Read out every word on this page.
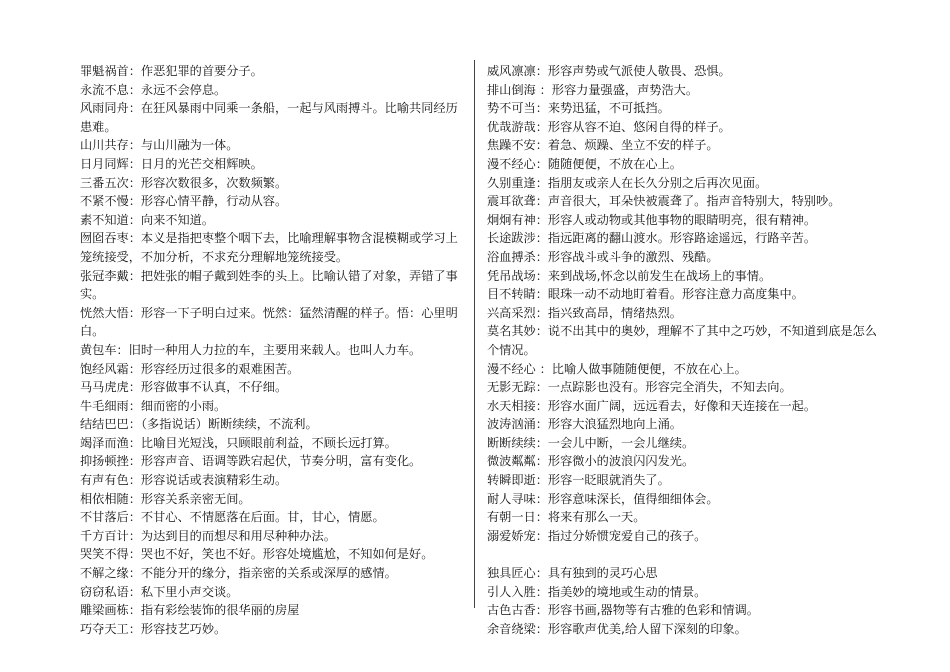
罪魁祸首：作恶犯罪的首要分子。

永流不息：永远不会停息。

风雨同舟：在狂风暴雨中同乘一条船，一起与风雨搏斗。比喻共同经历患难。

山川共存：与山川融为一体。

日月同辉：日月的光芒交相辉映。

三番五次：形容次数很多，次数频繁。

不紧不慢：形容心情平静，行动从容。

素不知道：向来不知道。

囫囵吞枣：本义是指把枣整个咽下去，比喻理解事物含混模糊或学习上笼统接受，不加分析，不求充分理解地笼统接受。

张冠李戴：把姓张的帽子戴到姓李的头上。比喻认错了对象，弄错了事实。

恍然大悟：形容一下子明白过来。恍然：猛然清醒的样子。悟：心里明白。

黄包车：旧时一种用人力拉的车，主要用来载人。也叫人力车。

饱经风霜：形容经历过很多的艰难困苦。

马马虎虎：形容做事不认真，不仔细。

牛毛细雨：细而密的小雨。

结结巴巴：（多指说话）断断续续，不流利。

竭泽而渔：比喻目光短浅，只顾眼前利益，不顾长远打算。

抑扬顿挫：形容声音、语调等跌宕起伏，节奏分明，富有变化。

有声有色：形容说话或表演精彩生动。

相依相随：形容关系亲密无间。

不甘落后：不甘心、不情愿落在后面。甘，甘心，情愿。

千方百计：为达到目的而想尽和用尽种种办法。

哭笑不得：哭也不好，笑也不好。形容处境尴尬，不知如何是好。

不解之缘：不能分开的缘分，指亲密的关系或深厚的感情。

窃窃私语：私下里小声交谈。

雕梁画栋：指有彩绘装饰的很华丽的房屋

巧夺天工：形容技艺巧妙。

威风凛凛：形容声势或气派使人敬畏、恐惧。

排山倒海 ：形容力量强盛，声势浩大。

势不可当：来势迅猛，不可抵挡。

优哉游哉：形容从容不迫、悠闲自得的样子。

焦躁不安：着急、烦躁、坐立不安的样子。

漫不经心：随随便便，不放在心上。

久别重逢：指朋友或亲人在长久分别之后再次见面。

震耳欲聋：声音很大，耳朵快被震聋了。指声音特别大，特别吵。

炯炯有神：形容人或动物或其他事物的眼睛明亮，很有精神。

长途跋涉：指远距离的翻山渡水。形容路途遥远，行路辛苦。

浴血搏杀：形容战斗或斗争的激烈、残酷。

凭吊战场：来到战场,怀念以前发生在战场上的事情。

目不转睛：眼珠一动不动地盯着看。形容注意力高度集中。

兴高采烈：指兴致高昂，情绪热烈。

莫名其妙：说不出其中的奥妙，理解不了其中之巧妙，不知道到底是怎么个情况。

漫不经心 ：比喻人做事随随便便，不放在心上。

无影无踪：一点踪影也没有。形容完全消失，不知去向。

水天相接：形容水面广阔，远远看去，好像和天连接在一起。

波涛汹涌：形容大浪猛烈地向上涌。

断断续续：一会儿中断，一会儿继续。

微波粼粼：形容微小的波浪闪闪发光。

转瞬即逝：形容一眨眼就消失了。

耐人寻味：形容意味深长，值得细细体会。

有朝一日：将来有那么一天。

溺爱娇宠：指过分娇惯宠爱自己的孩子。

独具匠心：具有独到的灵巧心思

引人入胜：指美妙的境地或生动的情景。

古色古香：形容书画,器物等有古雅的色彩和情调。

余音绕梁：形容歌声优美,给人留下深刻的印象。
